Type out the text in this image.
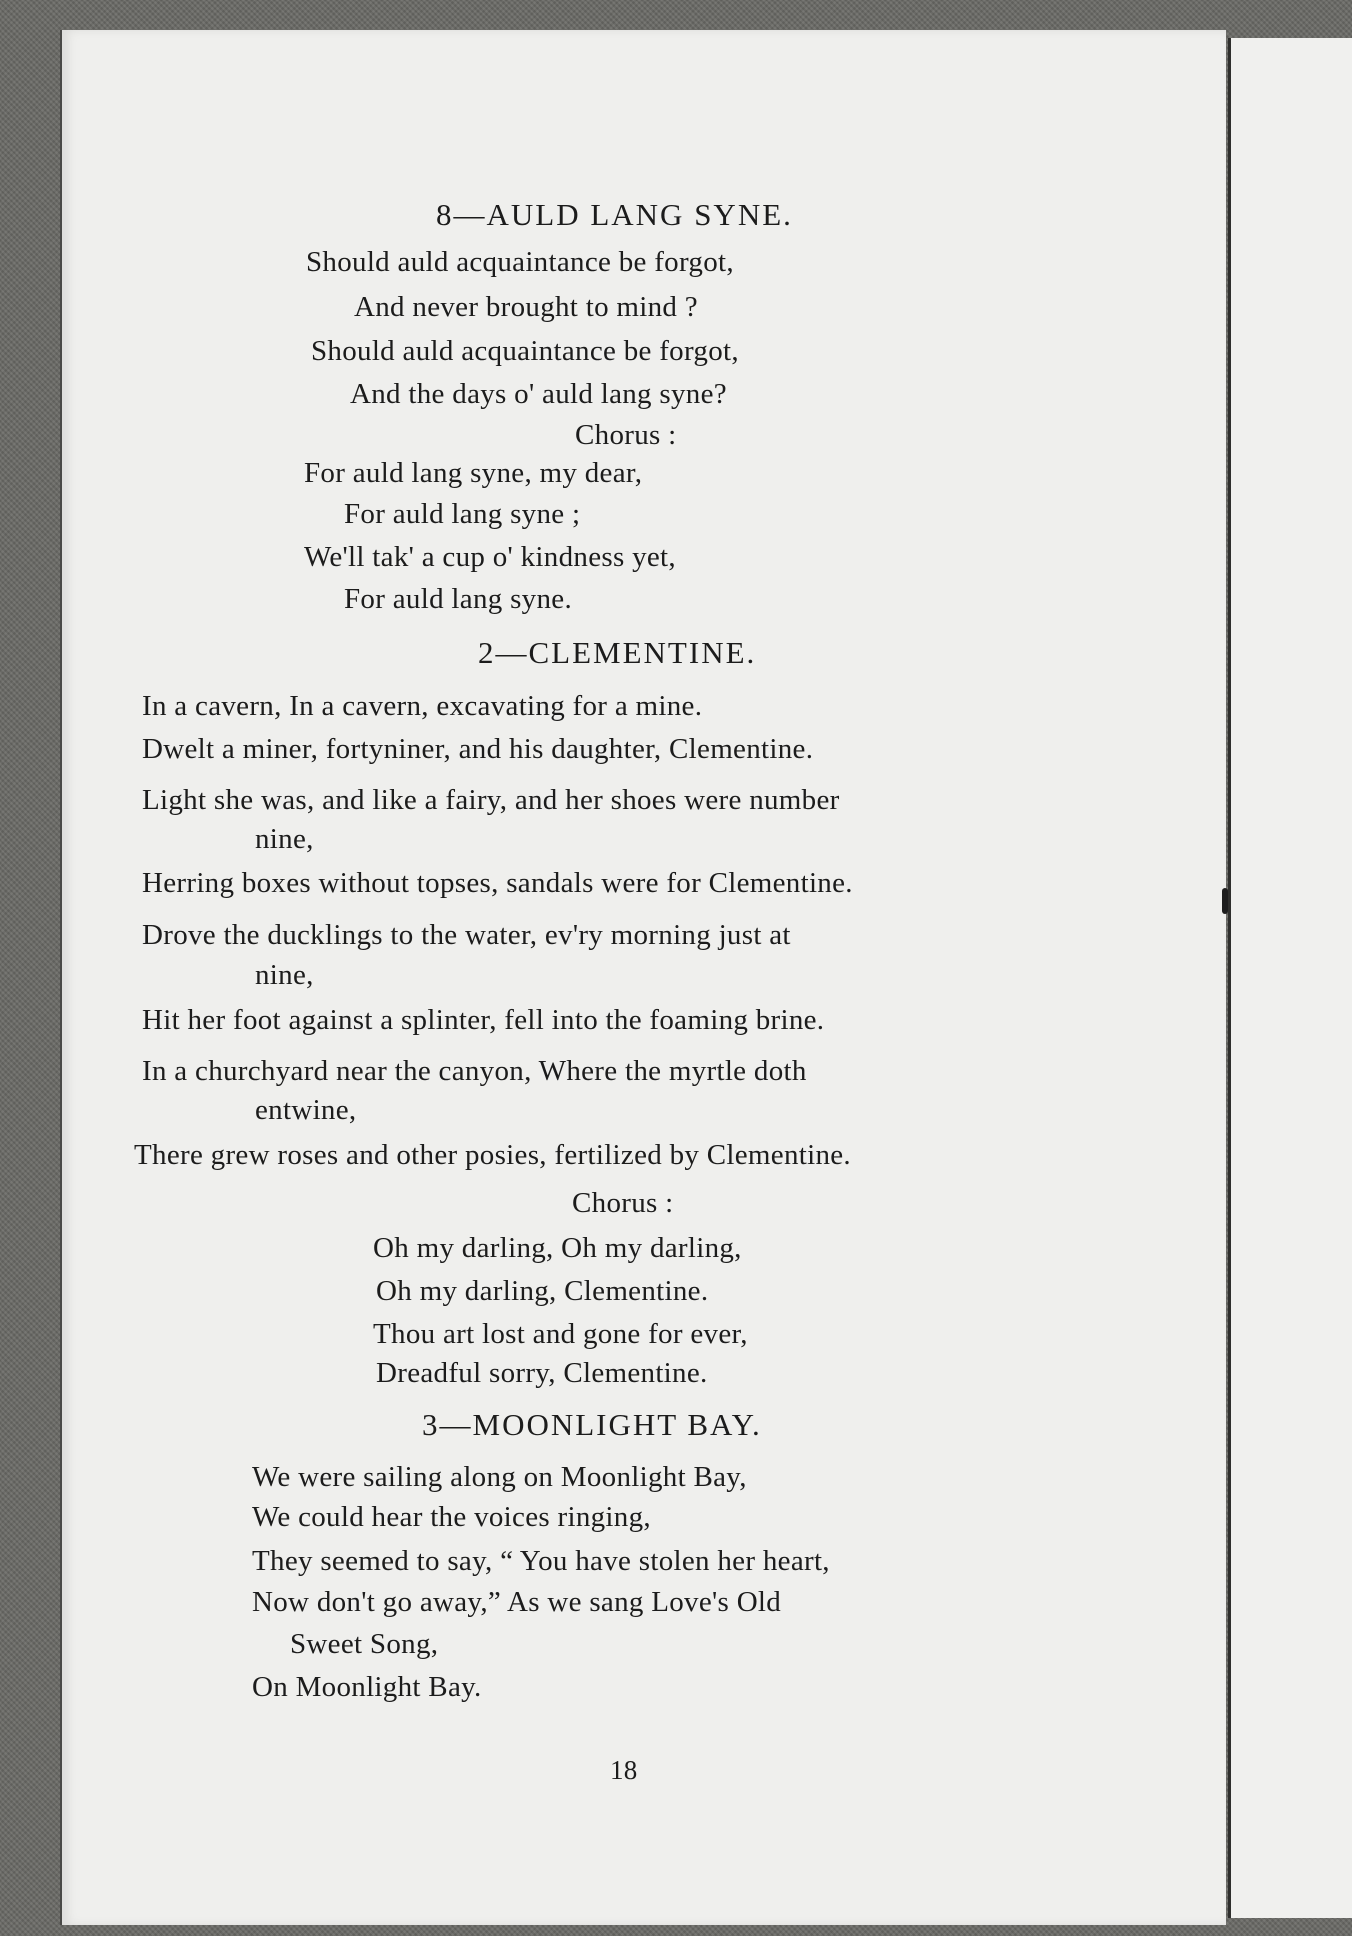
8—AULD LANG SYNE.
Should auld acquaintance be forgot,
And never brought to mind ?
Should auld acquaintance be forgot,
And the days o' auld lang syne?
Chorus :
For auld lang syne, my dear,
For auld lang syne ;
We'll tak' a cup o' kindness yet,
For auld lang syne.
2—CLEMENTINE.
In a cavern, In a cavern, excavating for a mine.
Dwelt a miner, fortyniner, and his daughter, Clementine.
Light she was, and like a fairy, and her shoes were number
nine,
Herring boxes without topses, sandals were for Clementine.
Drove the ducklings to the water, ev'ry morning just at
nine,
Hit her foot against a splinter, fell into the foaming brine.
In a churchyard near the canyon, Where the myrtle doth
entwine,
There grew roses and other posies, fertilized by Clementine.
Chorus :
Oh my darling, Oh my darling,
Oh my darling, Clementine.
Thou art lost and gone for ever,
Dreadful sorry, Clementine.
3—MOONLIGHT BAY.
We were sailing along on Moonlight Bay,
We could hear the voices ringing,
They seemed to say, “ You have stolen her heart,
Now don't go away,” As we sang Love's Old
Sweet Song,
On Moonlight Bay.
18
